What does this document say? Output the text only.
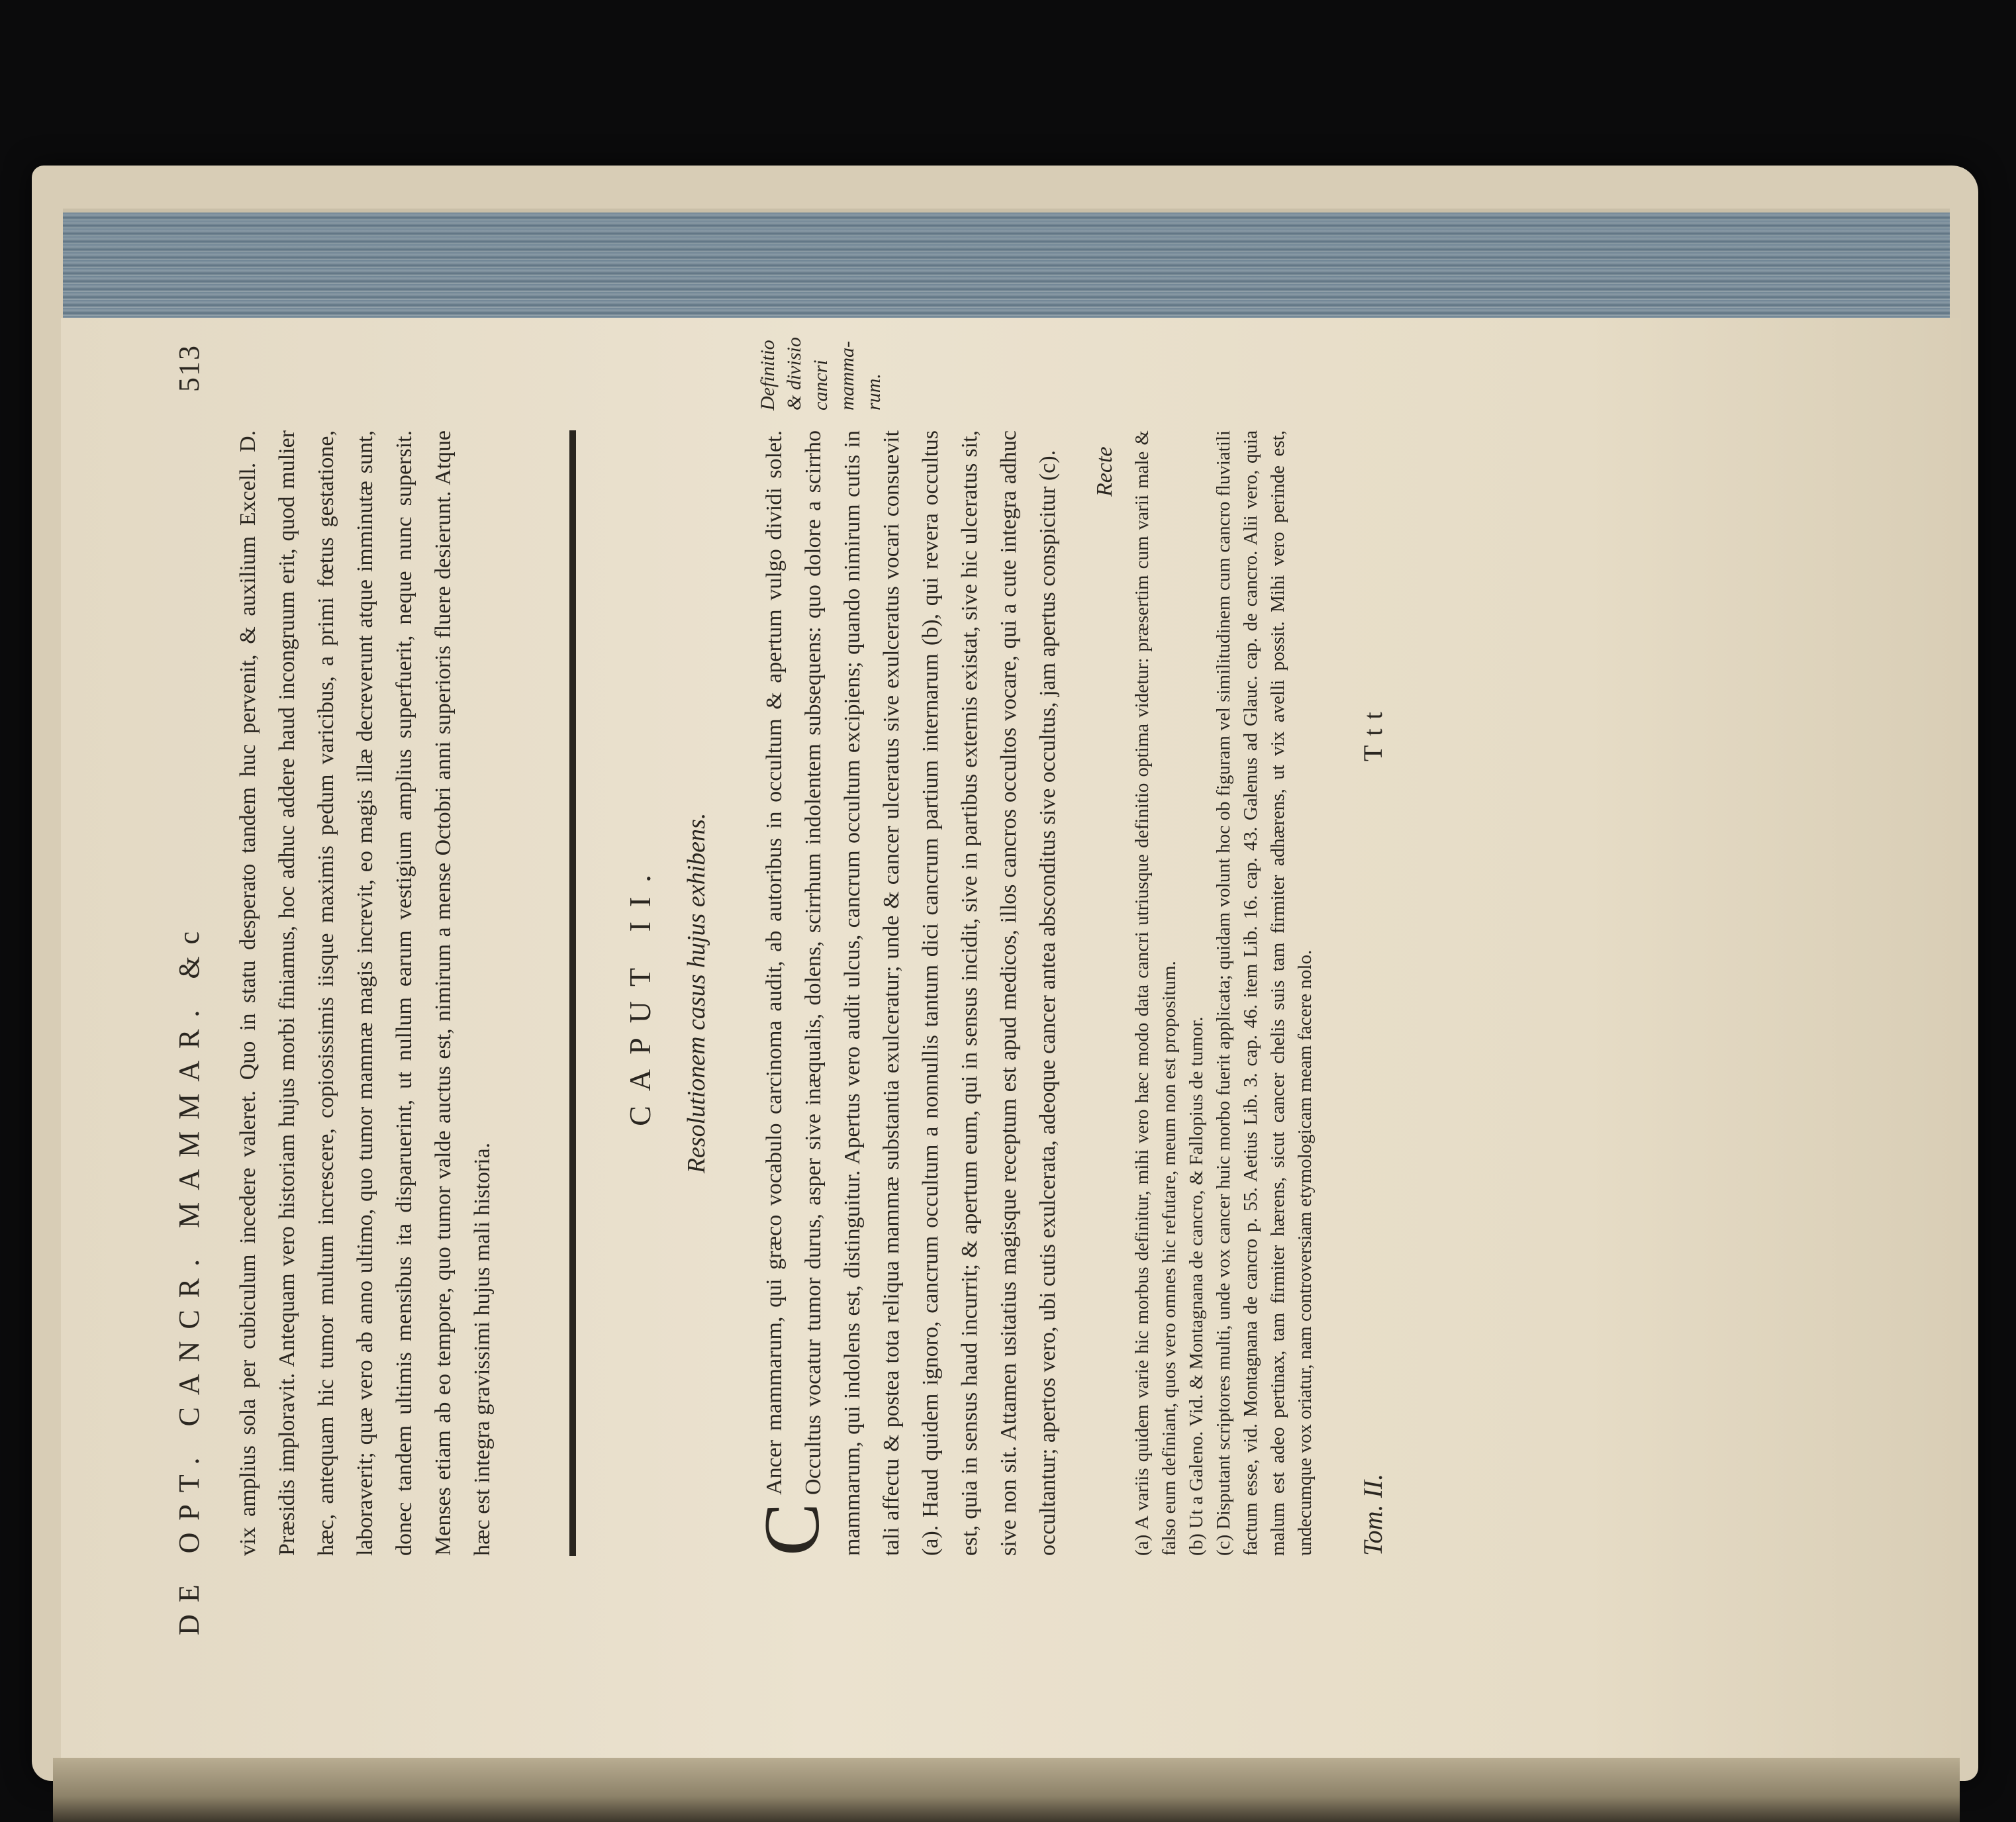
DE OPT. CANCR. MAMMAR. &c
513
vix amplius sola per cubiculum incedere valeret. Quo in statu desperato tandem huc pervenit, & auxilium Excell. D. Præsidis imploravit. Antequam vero historiam hujus morbi finiamus, hoc adhuc addere haud incongruum erit, quod mulier hæc, antequam hic tumor multum increscere, copiosissimis iisque maximis pedum varicibus, a primi fœtus gestatione, laboraverit; quæ vero ab anno ultimo, quo tumor mammæ magis increvit, eo magis illæ decreverunt atque imminutæ sunt, donec tandem ultimis mensibus ita disparuerint, ut nullum earum vestigium amplius superfuerit, neque nunc supersit. Menses etiam ab eo tempore, quo tumor valde auctus est, nimirum a mense Octobri anni superioris fluere desierunt. Atque hæc est integra gravissimi hujus mali historia.
CAPUT II. Resolutionem casus hujus exhibens.
C
Ancer mammarum, qui græco vocabulo carcinoma audit, ab autoribus in occultum & apertum vulgo dividi solet. Occultus vocatur tumor durus, asper sive inæqualis, dolens, scirrhum indolentem subsequens: quo dolore a scirrho mammarum, qui indolens est, distinguitur. Apertus vero audit ulcus, cancrum occultum excipiens; quando nimirum cutis in tali affectu & postea tota reliqua mammæ substantia exulceratur; unde & cancer ulceratus sive exulceratus vocari consuevit (a). Haud quidem ignoro, cancrum occultum a nonnullis tantum dici cancrum partium internarum (b), qui revera occultus est, quia in sensus haud incurrit; & apertum eum, qui in sensus incidit, sive in partibus externis existat, sive hic ulceratus sit, sive non sit. Attamen usitatius magisque receptum est apud medicos, illos cancros occultos vocare, qui a cute integra adhuc occultantur; apertos vero, ubi cutis exulcerata, adeoque cancer antea absconditus sive occultus, jam apertus conspicitur (c).
Definitio & divisio cancri mamma- rum.
Recte (a) A variis quidem varie hic morbus definitur, mihi vero hæc modo data cancri utriusque definitio optima videtur: præsertim cum varii male & falso eum definiant, quos vero omnes hic refutare, meum non est propositum. (b) Ut a Galeno. Vid. & Montagnana de cancro, & Fallopius de tumor. (c) Disputant scriptores multi, unde vox cancer huic morbo fuerit applicata; quidam volunt hoc ob figuram vel similitudinem cum cancro fluviatili factum esse, vid. Montagnana de cancro p. 55. Aetius Lib. 3. cap. 46. item Lib. 16. cap. 43. Galenus ad Glauc. cap. de cancro. Alii vero, quia malum est adeo pertinax, tam firmiter hærens, sicut cancer chelis suis tam firmiter adhærens, ut vix avelli possit. Mihi vero perinde est, undecumque vox oriatur, nam controversiam etymologicam meam facere nolo. Tom. II.
Ttt
